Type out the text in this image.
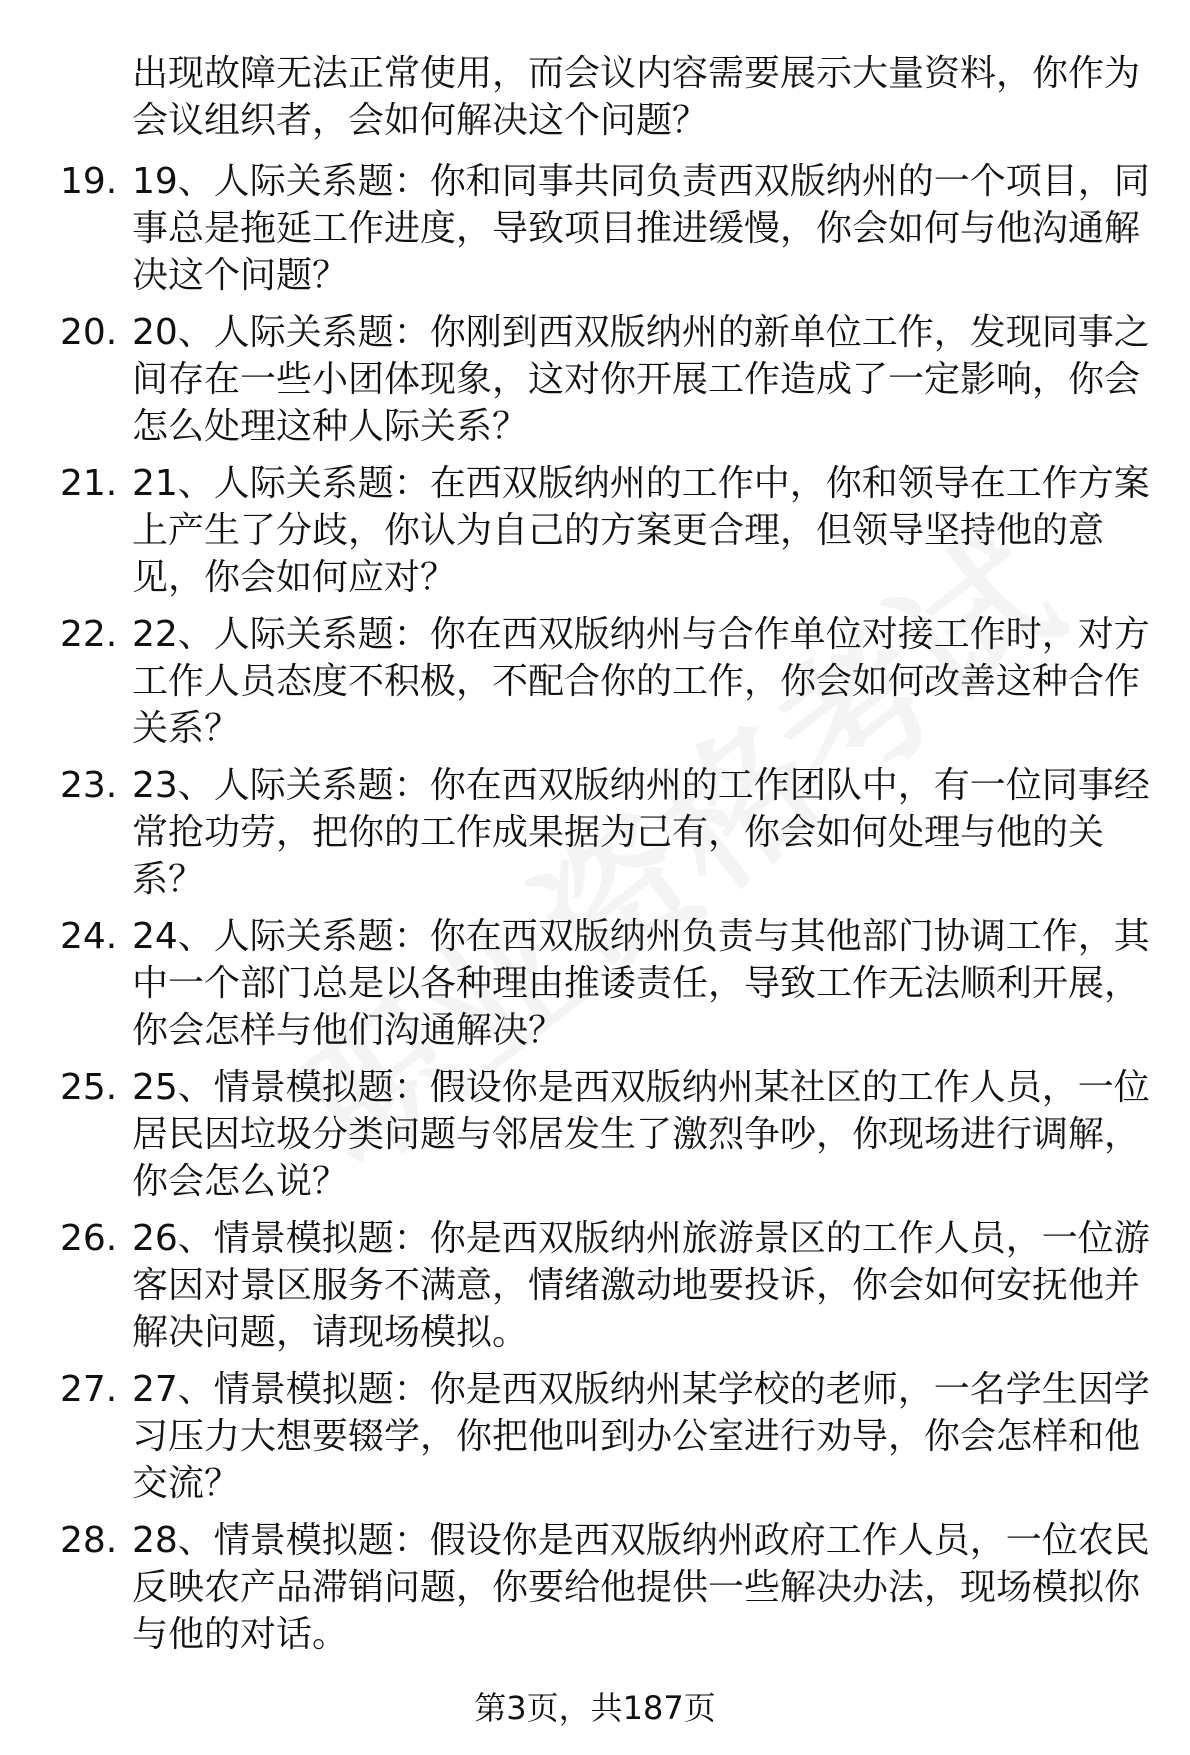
出现故障无法正常使用，而会议内容需要展示大量资料，你作为会议组织者，会如何解决这个问题？
19. 19、人际关系题：你和同事共同负责西双版纳州的一个项目，同事总是拖延工作进度，导致项目推进缓慢，你会如何与他沟通解决这个问题？
20. 20、人际关系题：你刚到西双版纳州的新单位工作，发现同事之间存在一些小团体现象，这对你开展工作造成了一定影响，你会怎么处理这种人际关系？
21. 21、人际关系题：在西双版纳州的工作中，你和领导在工作方案上产生了分歧，你认为自己的方案更合理，但领导坚持他的意见，你会如何应对？
22. 22、人际关系题：你在西双版纳州与合作单位对接工作时，对方工作人员态度不积极，不配合你的工作，你会如何改善这种合作关系？
23. 23、人际关系题：你在西双版纳州的工作团队中，有一位同事经常抢功劳，把你的工作成果据为己有，你会如何处理与他的关系？
24. 24、人际关系题：你在西双版纳州负责与其他部门协调工作，其中一个部门总是以各种理由推诿责任，导致工作无法顺利开展，你会怎样与他们沟通解决？
25. 25、情景模拟题：假设你是西双版纳州某社区的工作人员，一位居民因垃圾分类问题与邻居发生了激烈争吵，你现场进行调解，你会怎么说？
26. 26、情景模拟题：你是西双版纳州旅游景区的工作人员，一位游客因对景区服务不满意，情绪激动地要投诉，你会如何安抚他并解决问题，请现场模拟。
27. 27、情景模拟题：你是西双版纳州某学校的老师，一名学生因学习压力大想要辍学，你把他叫到办公室进行劝导，你会怎样和他交流？
28. 28、情景模拟题：假设你是西双版纳州政府工作人员，一位农民反映农产品滞销问题，你要给他提供一些解决办法，现场模拟你与他的对话。
第3页，共187页
